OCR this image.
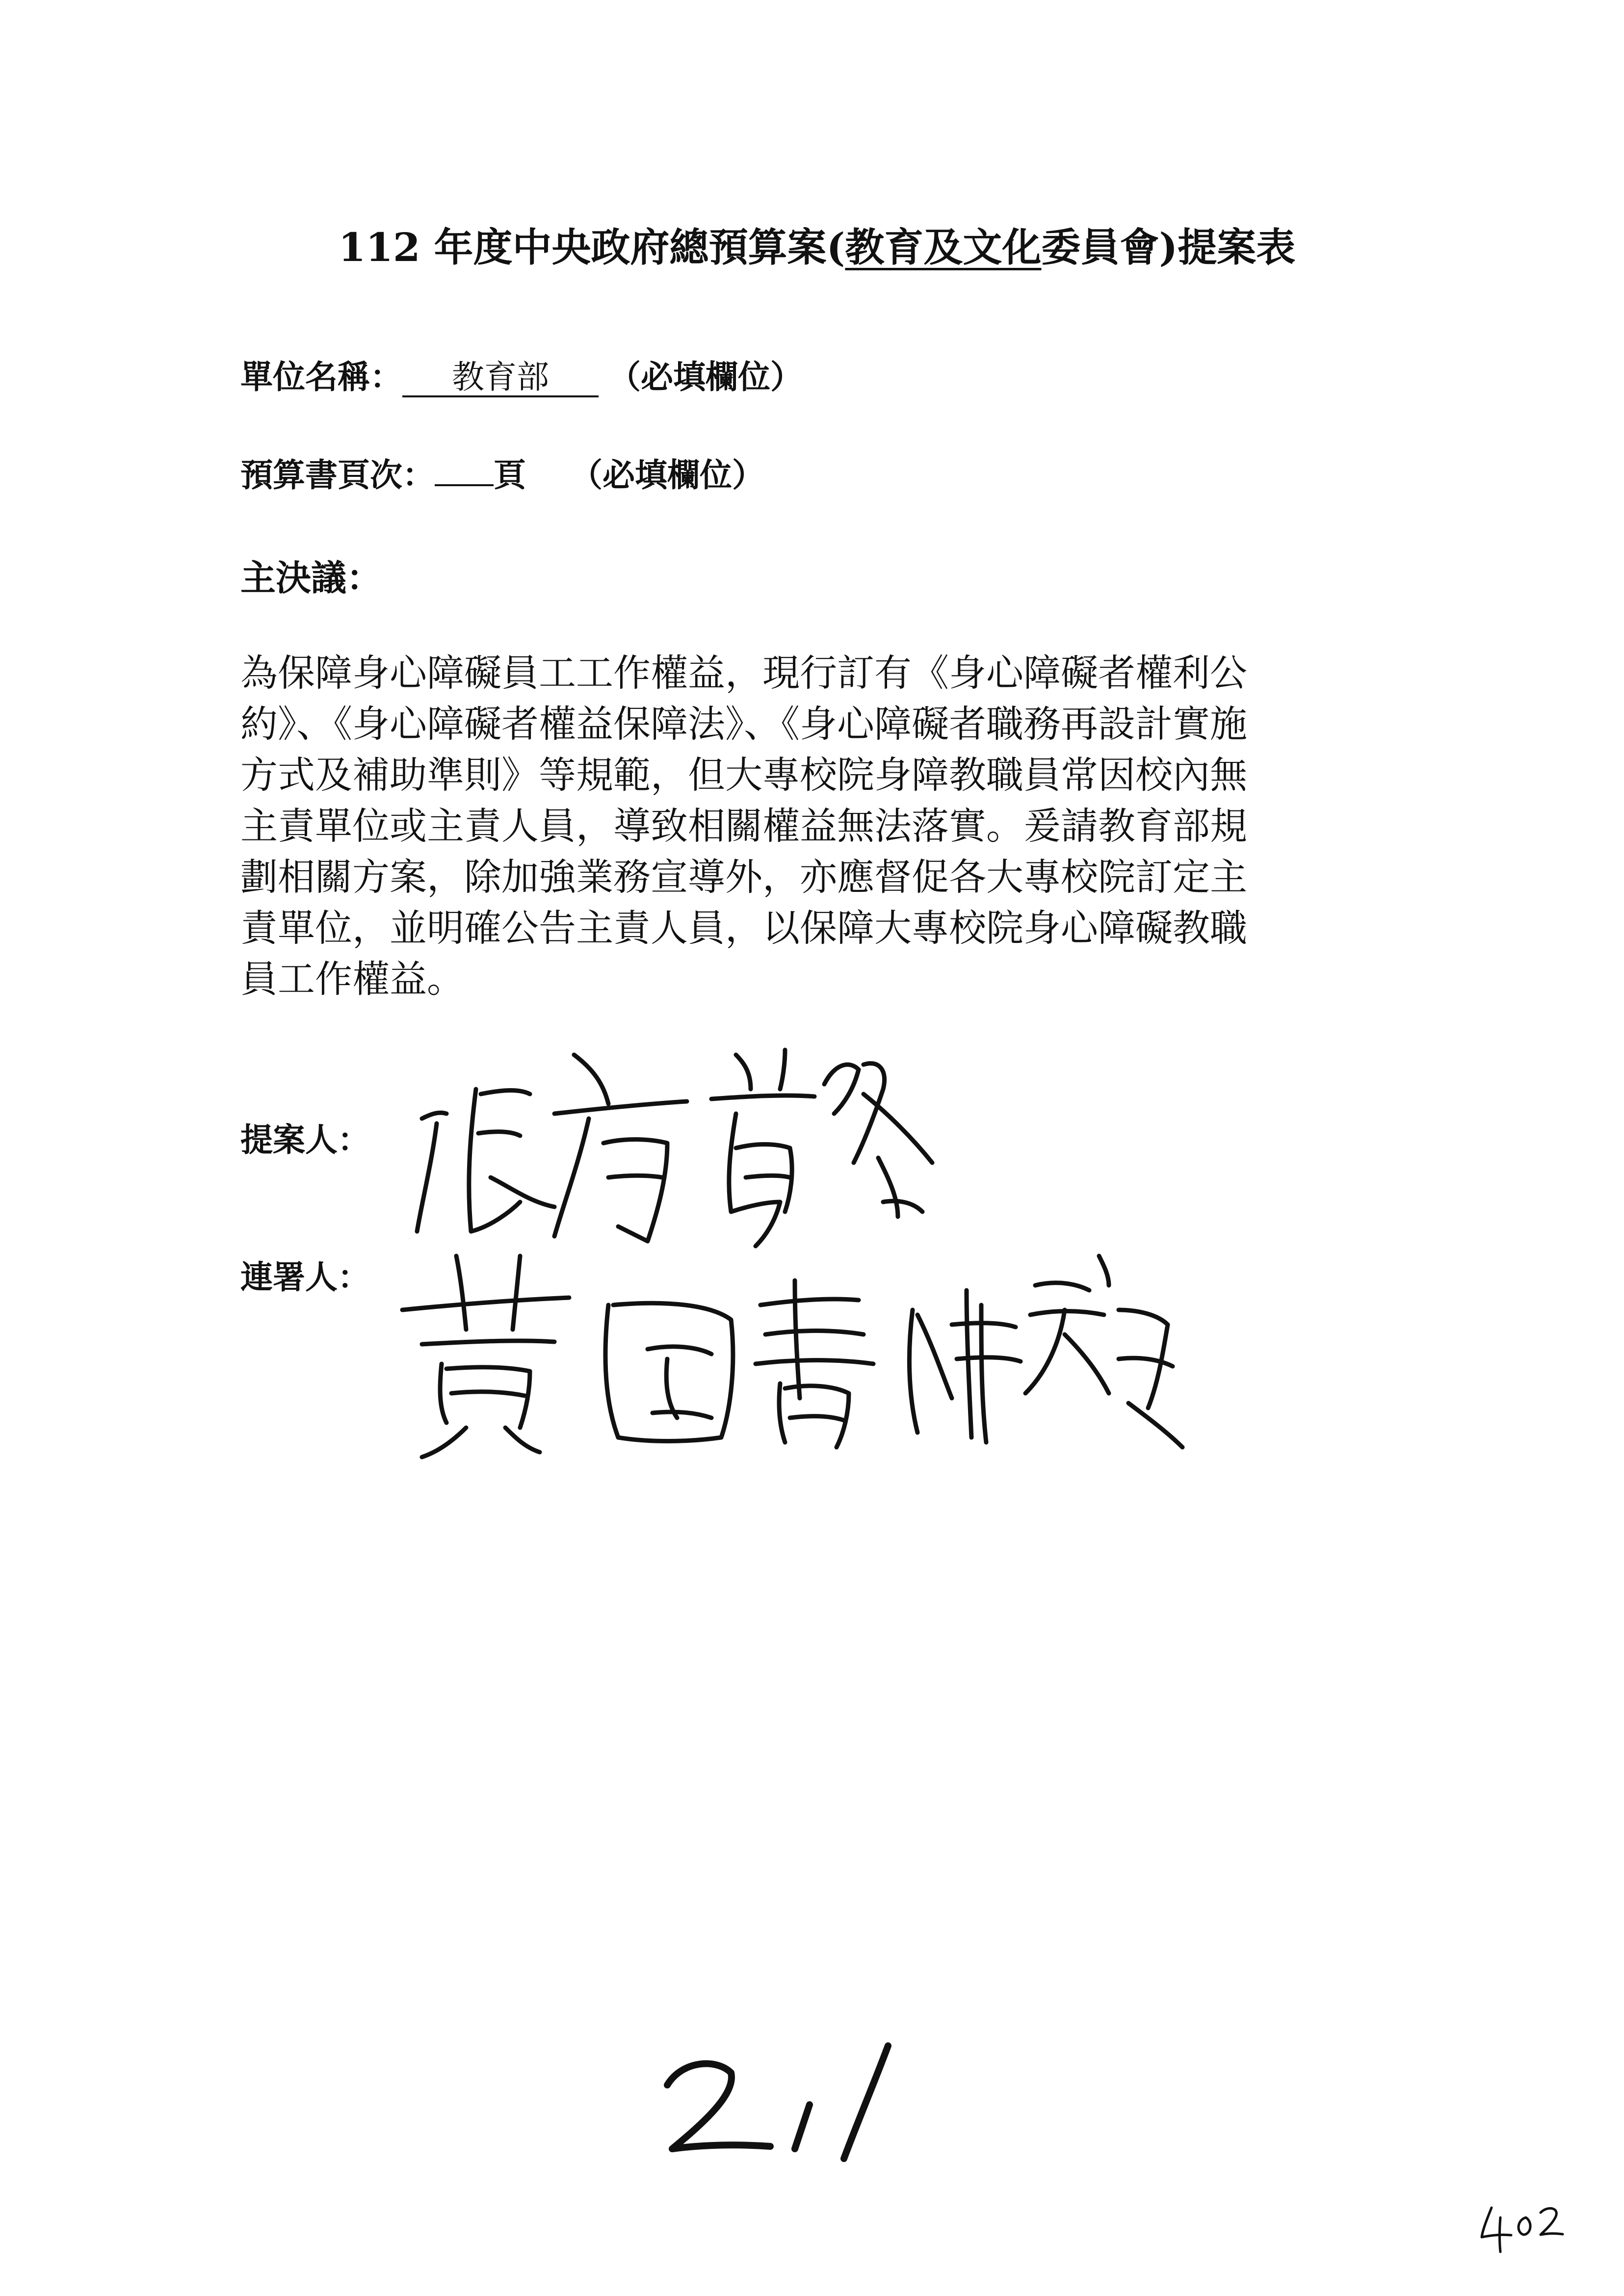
112 年度中央政府總預算案(教育及文化委員會)提案表
單位名稱： 教育部 （必填欄位）
預算書頁次： 頁 （必填欄位）
主決議：
為保障身心障礙員工工作權益，現行訂有《身心障礙者權利公
約》、《身心障礙者權益保障法》、《身心障礙者職務再設計實施
方式及補助準則》等規範，但大專校院身障教職員常因校內無
主責單位或主責人員，導致相關權益無法落實。爰請教育部規
劃相關方案，除加強業務宣導外，亦應督促各大專校院訂定主
責單位，並明確公告主責人員，以保障大專校院身心障礙教職
員工作權益。
提案人：
連署人：
